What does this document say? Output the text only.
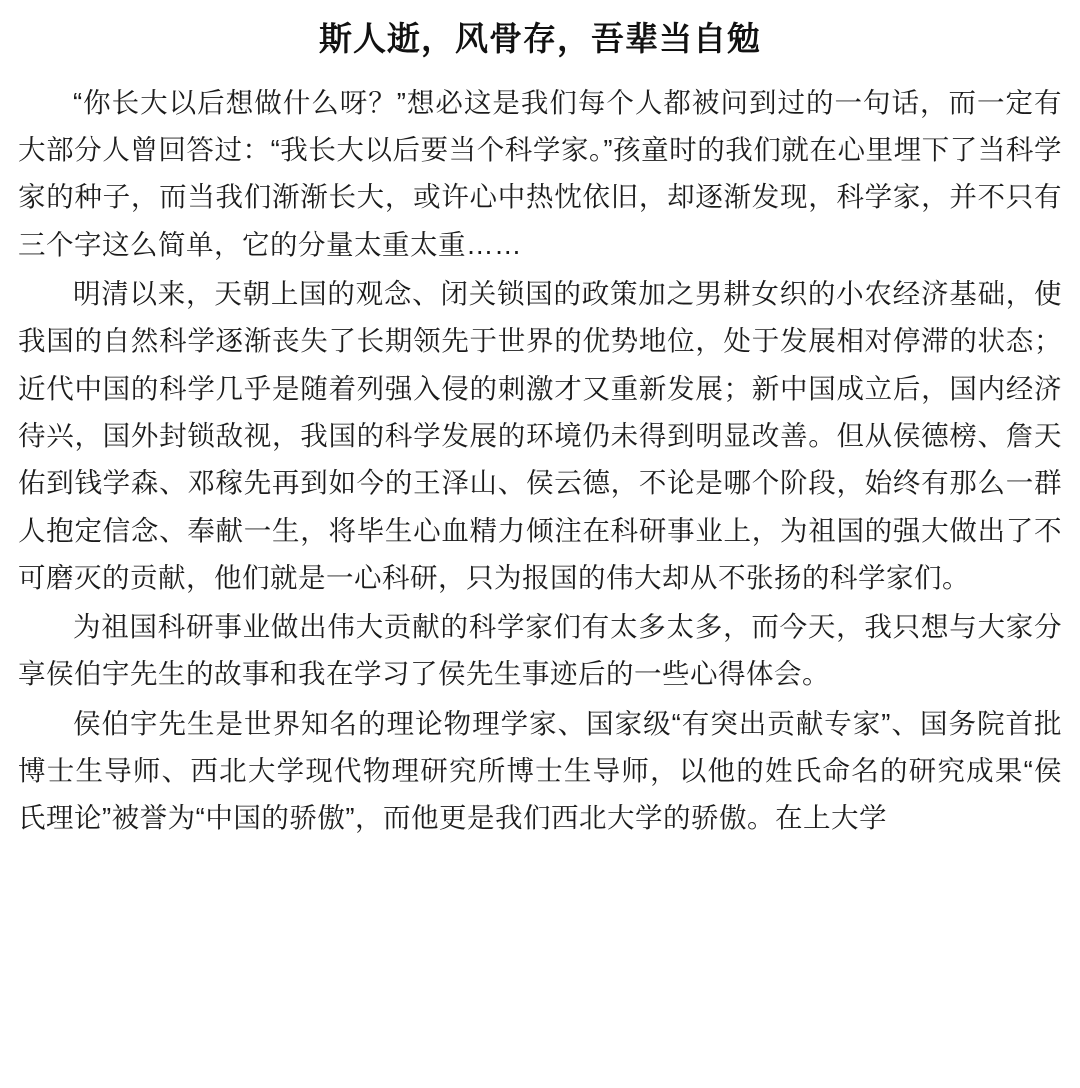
斯人逝，风骨存，吾辈当自勉

“你长大以后想做什么呀？”想必这是我们每个人都被问到过的一句话，而一定有大部分人曾回答过：“我长大以后要当个科学家。”孩童时的我们就在心里埋下了当科学家的种子，而当我们渐渐长大，或许心中热忱依旧，却逐渐发现，科学家，并不只有三个字这么简单，它的分量太重太重……

明清以来，天朝上国的观念、闭关锁国的政策加之男耕女织的小农经济基础，使我国的自然科学逐渐丧失了长期领先于世界的优势地位，处于发展相对停滞的状态；近代中国的科学几乎是随着列强入侵的刺激才又重新发展；新中国成立后，国内经济待兴，国外封锁敌视，我国的科学发展的环境仍未得到明显改善。但从侯德榜、詹天佑到钱学森、邓稼先再到如今的王泽山、侯云德，不论是哪个阶段，始终有那么一群人抱定信念、奉献一生，将毕生心血精力倾注在科研事业上，为祖国的强大做出了不可磨灭的贡献，他们就是一心科研，只为报国的伟大却从不张扬的科学家们。

为祖国科研事业做出伟大贡献的科学家们有太多太多，而今天，我只想与大家分享侯伯宇先生的故事和我在学习了侯先生事迹后的一些心得体会。

侯伯宇先生是世界知名的理论物理学家、国家级“有突出贡献专家”、国务院首批博士生导师、西北大学现代物理研究所博士生导师，以他的姓氏命名的研究成果“侯氏理论”被誉为“中国的骄傲”，而他更是我们西北大学的骄傲。在上大学
